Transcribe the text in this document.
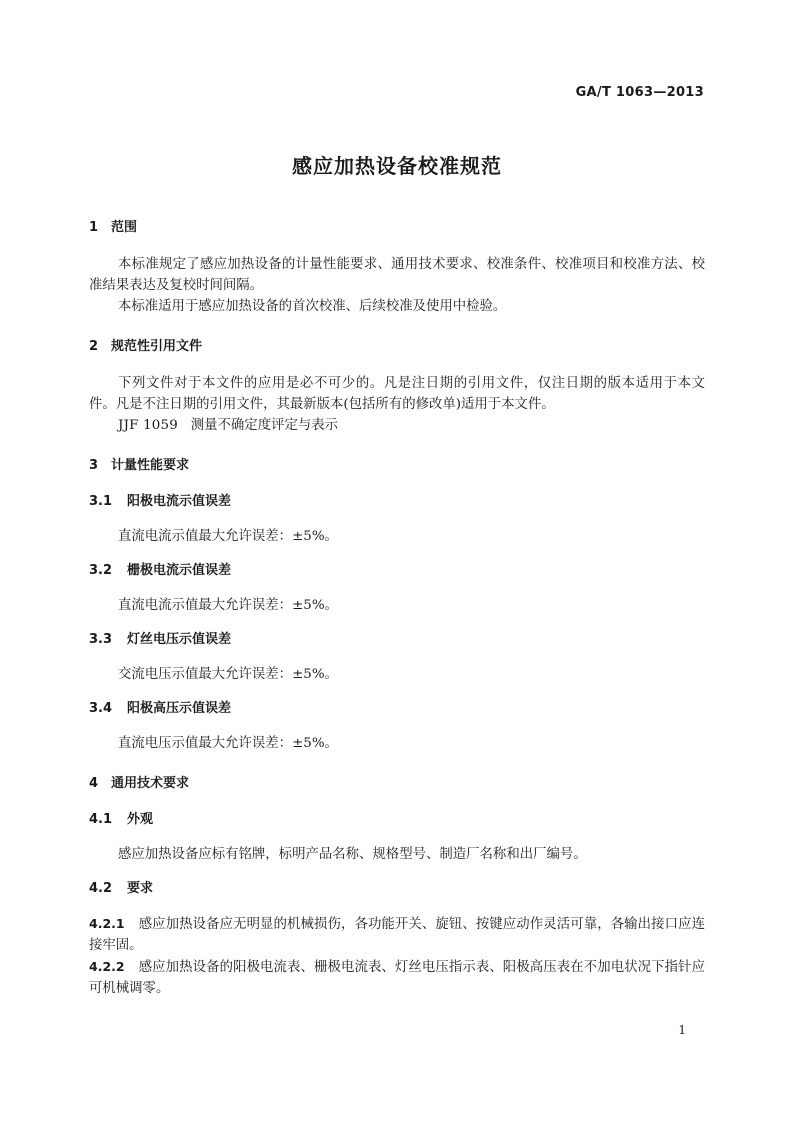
GA/T 1063—2013
感应加热设备校准规范
1 范围
本标准规定了感应加热设备的计量性能要求、通用技术要求、校准条件、校准项目和校准方法、校准结果表达及复校时间间隔。
本标准适用于感应加热设备的首次校准、后续校准及使用中检验。
2 规范性引用文件
下列文件对于本文件的应用是必不可少的。凡是注日期的引用文件，仅注日期的版本适用于本文件。凡是不注日期的引用文件，其最新版本(包括所有的修改单)适用于本文件。
JJF 1059 测量不确定度评定与表示
3 计量性能要求
3.1 阳极电流示值误差
直流电流示值最大允许误差：±5%。
3.2 栅极电流示值误差
直流电流示值最大允许误差：±5%。
3.3 灯丝电压示值误差
交流电压示值最大允许误差：±5%。
3.4 阳极高压示值误差
直流电压示值最大允许误差：±5%。
4 通用技术要求
4.1 外观
感应加热设备应标有铭牌，标明产品名称、规格型号、制造厂名称和出厂编号。
4.2 要求
4.2.1 感应加热设备应无明显的机械损伤，各功能开关、旋钮、按键应动作灵活可靠，各输出接口应连接牢固。
4.2.2 感应加热设备的阳极电流表、栅极电流表、灯丝电压指示表、阳极高压表在不加电状况下指针应可机械调零。
1
